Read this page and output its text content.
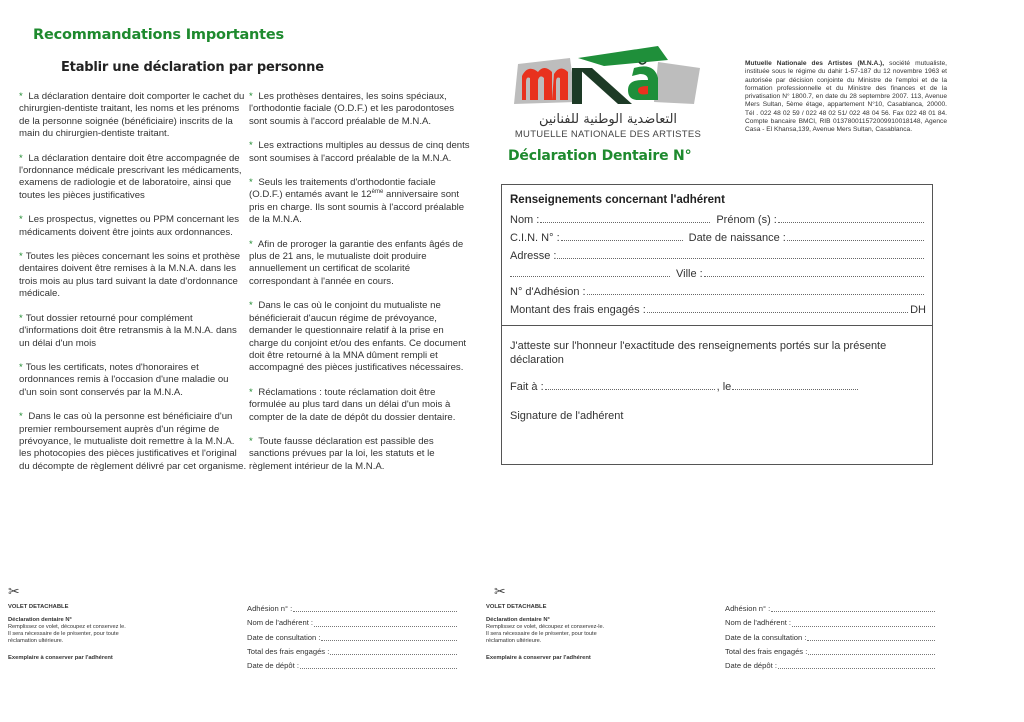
Recommandations Importantes
Etablir une déclaration par personne

* La déclaration dentaire doit comporter le cachet du chirurgien-dentiste traitant, les noms et les prénoms de la personne soignée (bénéficiaire) inscrits de la main du chirurgien-dentiste traitant.

* La déclaration dentaire doit être accompagnée de l'ordonnance médicale prescrivant les médicaments, examens de radiologie et de laboratoire, ainsi que toutes les pièces justificatives

* Les prospectus, vignettes ou PPM concernant les médicaments doivent être joints aux ordonnances.

* Toutes les pièces concernant les soins et prothèse dentaires doivent être remises à la M.N.A. dans les trois mois au plus tard suivant la date d'ordonnance médicale.

* Tout dossier retourné pour complément d'informations doit être retransmis à la M.N.A. dans un délai d'un mois

* Tous les certificats, notes d'honoraires et ordonnances remis à l'occasion d'une maladie ou d'un soin sont conservés par la M.N.A.

* Dans le cas où la personne est bénéficiaire d'un premier remboursement auprès d'un régime de prévoyance, le mutualiste doit remettre à la M.N.A. les photocopies des pièces justificatives et l'original du décompte de règlement délivré par cet organisme.

* Les prothèses dentaires, les soins spéciaux, l'orthodontie faciale (O.D.F.) et les parodontoses sont soumis à l'accord préalable de M.N.A.

* Les extractions multiples au dessus de cinq dents sont soumises à l'accord préalable de la M.N.A.

* Seuls les traitements d'orthodontie faciale (O.D.F.) entamés avant le 12ème anniversaire sont pris en charge. Ils sont soumis à l'accord préalable de la M.N.A.

* Afin de proroger la garantie des enfants âgés de plus de 21 ans, le mutualiste doit produire annuellement un certificat de scolarité correspondant à l'année en cours.

* Dans le cas où le conjoint du mutualiste ne bénéficierait d'aucun régime de prévoyance, demander le questionnaire relatif à la prise en charge du conjoint et/ou des enfants. Ce document doit être retourné à la MNA dûment rempli et accompagné des pièces justificatives nécessaires.

* Réclamations : toute réclamation doit être formulée au plus tard dans un délai d'un mois à compter de la date de dépôt du dossier dentaire.

* Toute fausse déclaration est passible des sanctions prévues par la loi, les statuts et le règlement intérieur de la M.N.A.

التعاضدية الوطنية للفنانين
MUTUELLE NATIONALE DES ARTISTES
Déclaration Dentaire N°
Mutuelle Nationale des Artistes (M.N.A.), société mutualiste, instituée sous le régime du dahir 1-57-187 du 12 novembre 1963 et autorisée par décision conjointe du Ministre de l'emploi et de la formation professionnelle et du Ministre des finances et de la privatisation N° 1800.7, en date du 28 septembre 2007. 113, Avenue Mers Sultan, 5ème étage, appartement N°10, Casablanca, 20000. Tél . 022 48 02 59 / 022 48 02 51/ 022 48 04 56. Fax 022 48 01 84. Compte bancaire BMCI, RIB 013780011572009910018148, Agence Casa - El Khansa,139, Avenue Mers Sultan, Casablanca.
Renseignements concernant l'adhérent
Nom :	Prénom (s) :
C.I.N. N° :	Date de naissance :
Adresse :
Ville :
N° d'Adhésion :
Montant des frais engagés :	DH
J'atteste sur l'honneur l'exactitude des renseignements portés sur la présente déclaration
Fait à :	, le
Signature de l'adhérent
✂
VOLET DETACHABLE
Déclaration dentaire N°
Remplissez ce volet, découpez et conservez le. Il sera nécessaire de le présenter, pour toute réclamation ultérieure.
Exemplaire à conserver par l'adhérent
Adhésion n° :
Nom de l'adhérent :
Date de consultation :
Total des frais engagés :
Date de dépôt :
✂
VOLET DETACHABLE
Déclaration dentaire N°
Remplissez ce volet, découpez et conservez-le. Il sera nécessaire de le présenter, pour toute réclamation ultérieure.
Exemplaire à conserver par l'adhérent
Adhésion n° :
Nom de l'adhérent :
Date de la consultation :
Total des frais engagés :
Date de dépôt :
